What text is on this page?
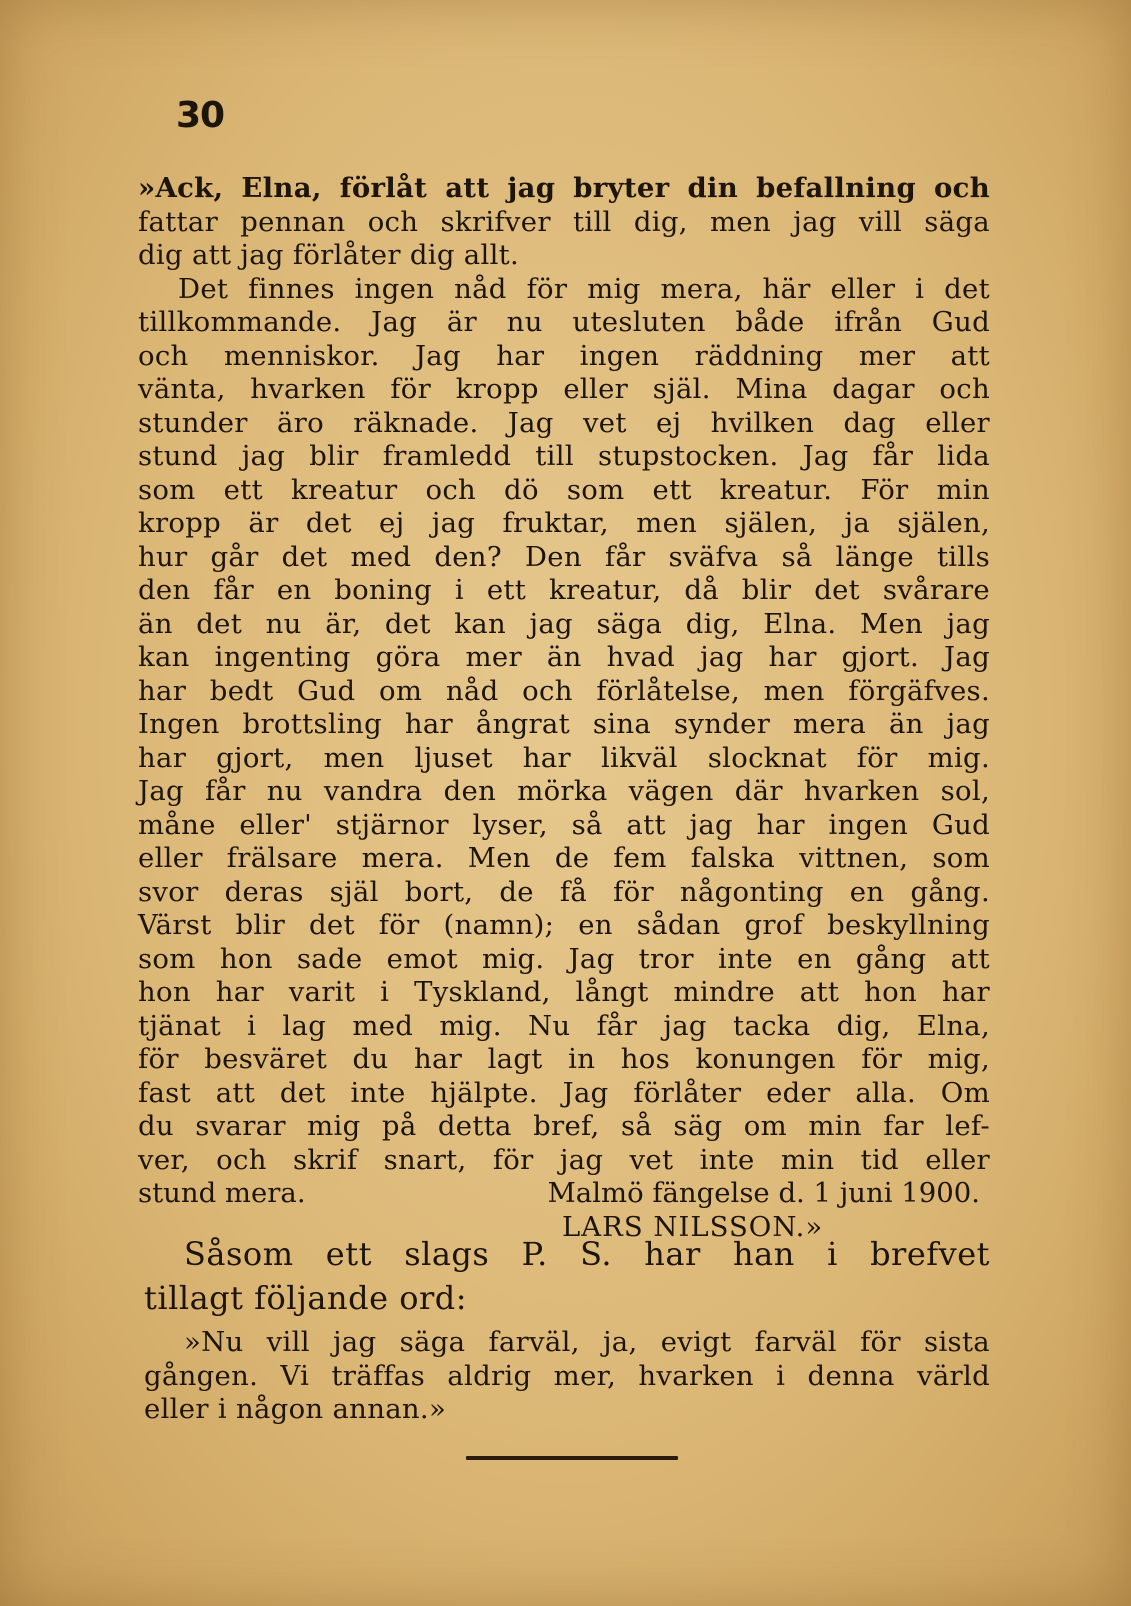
30
»Ack, Elna, förlåt att jag bryter din befallning och
fattar pennan och skrifver till dig, men jag vill säga
dig att jag förlåter dig allt.
Det finnes ingen nåd för mig mera, här eller i det
tillkommande. Jag är nu utesluten både ifrån Gud
och menniskor. Jag har ingen räddning mer att
vänta, hvarken för kropp eller själ. Mina dagar och
stunder äro räknade. Jag vet ej hvilken dag eller
stund jag blir framledd till stupstocken. Jag får lida
som ett kreatur och dö som ett kreatur. För min
kropp är det ej jag fruktar, men själen, ja själen,
hur går det med den? Den får sväfva så länge tills
den får en boning i ett kreatur, då blir det svårare
än det nu är, det kan jag säga dig, Elna. Men jag
kan ingenting göra mer än hvad jag har gjort. Jag
har bedt Gud om nåd och förlåtelse, men förgäfves.
Ingen brottsling har ångrat sina synder mera än jag
har gjort, men ljuset har likväl slocknat för mig.
Jag får nu vandra den mörka vägen där hvarken sol,
måne eller' stjärnor lyser, så att jag har ingen Gud
eller frälsare mera. Men de fem falska vittnen, som
svor deras själ bort, de få för någonting en gång.
Värst blir det för (namn); en sådan grof beskyllning
som hon sade emot mig. Jag tror inte en gång att
hon har varit i Tyskland, långt mindre att hon har
tjänat i lag med mig. Nu får jag tacka dig, Elna,
för besväret du har lagt in hos konungen för mig,
fast att det inte hjälpte. Jag förlåter eder alla. Om
du svarar mig på detta bref, så säg om min far lef-
ver, och skrif snart, för jag vet inte min tid eller
stund mera.	Malmö fängelse d. 1 juni 1900.
LARS NILSSON.»
Såsom ett slags P. S. har han i brefvet
tillagt följande ord:
»Nu vill jag säga farväl, ja, evigt farväl för sista
gången. Vi träffas aldrig mer, hvarken i denna värld
eller i någon annan.»
